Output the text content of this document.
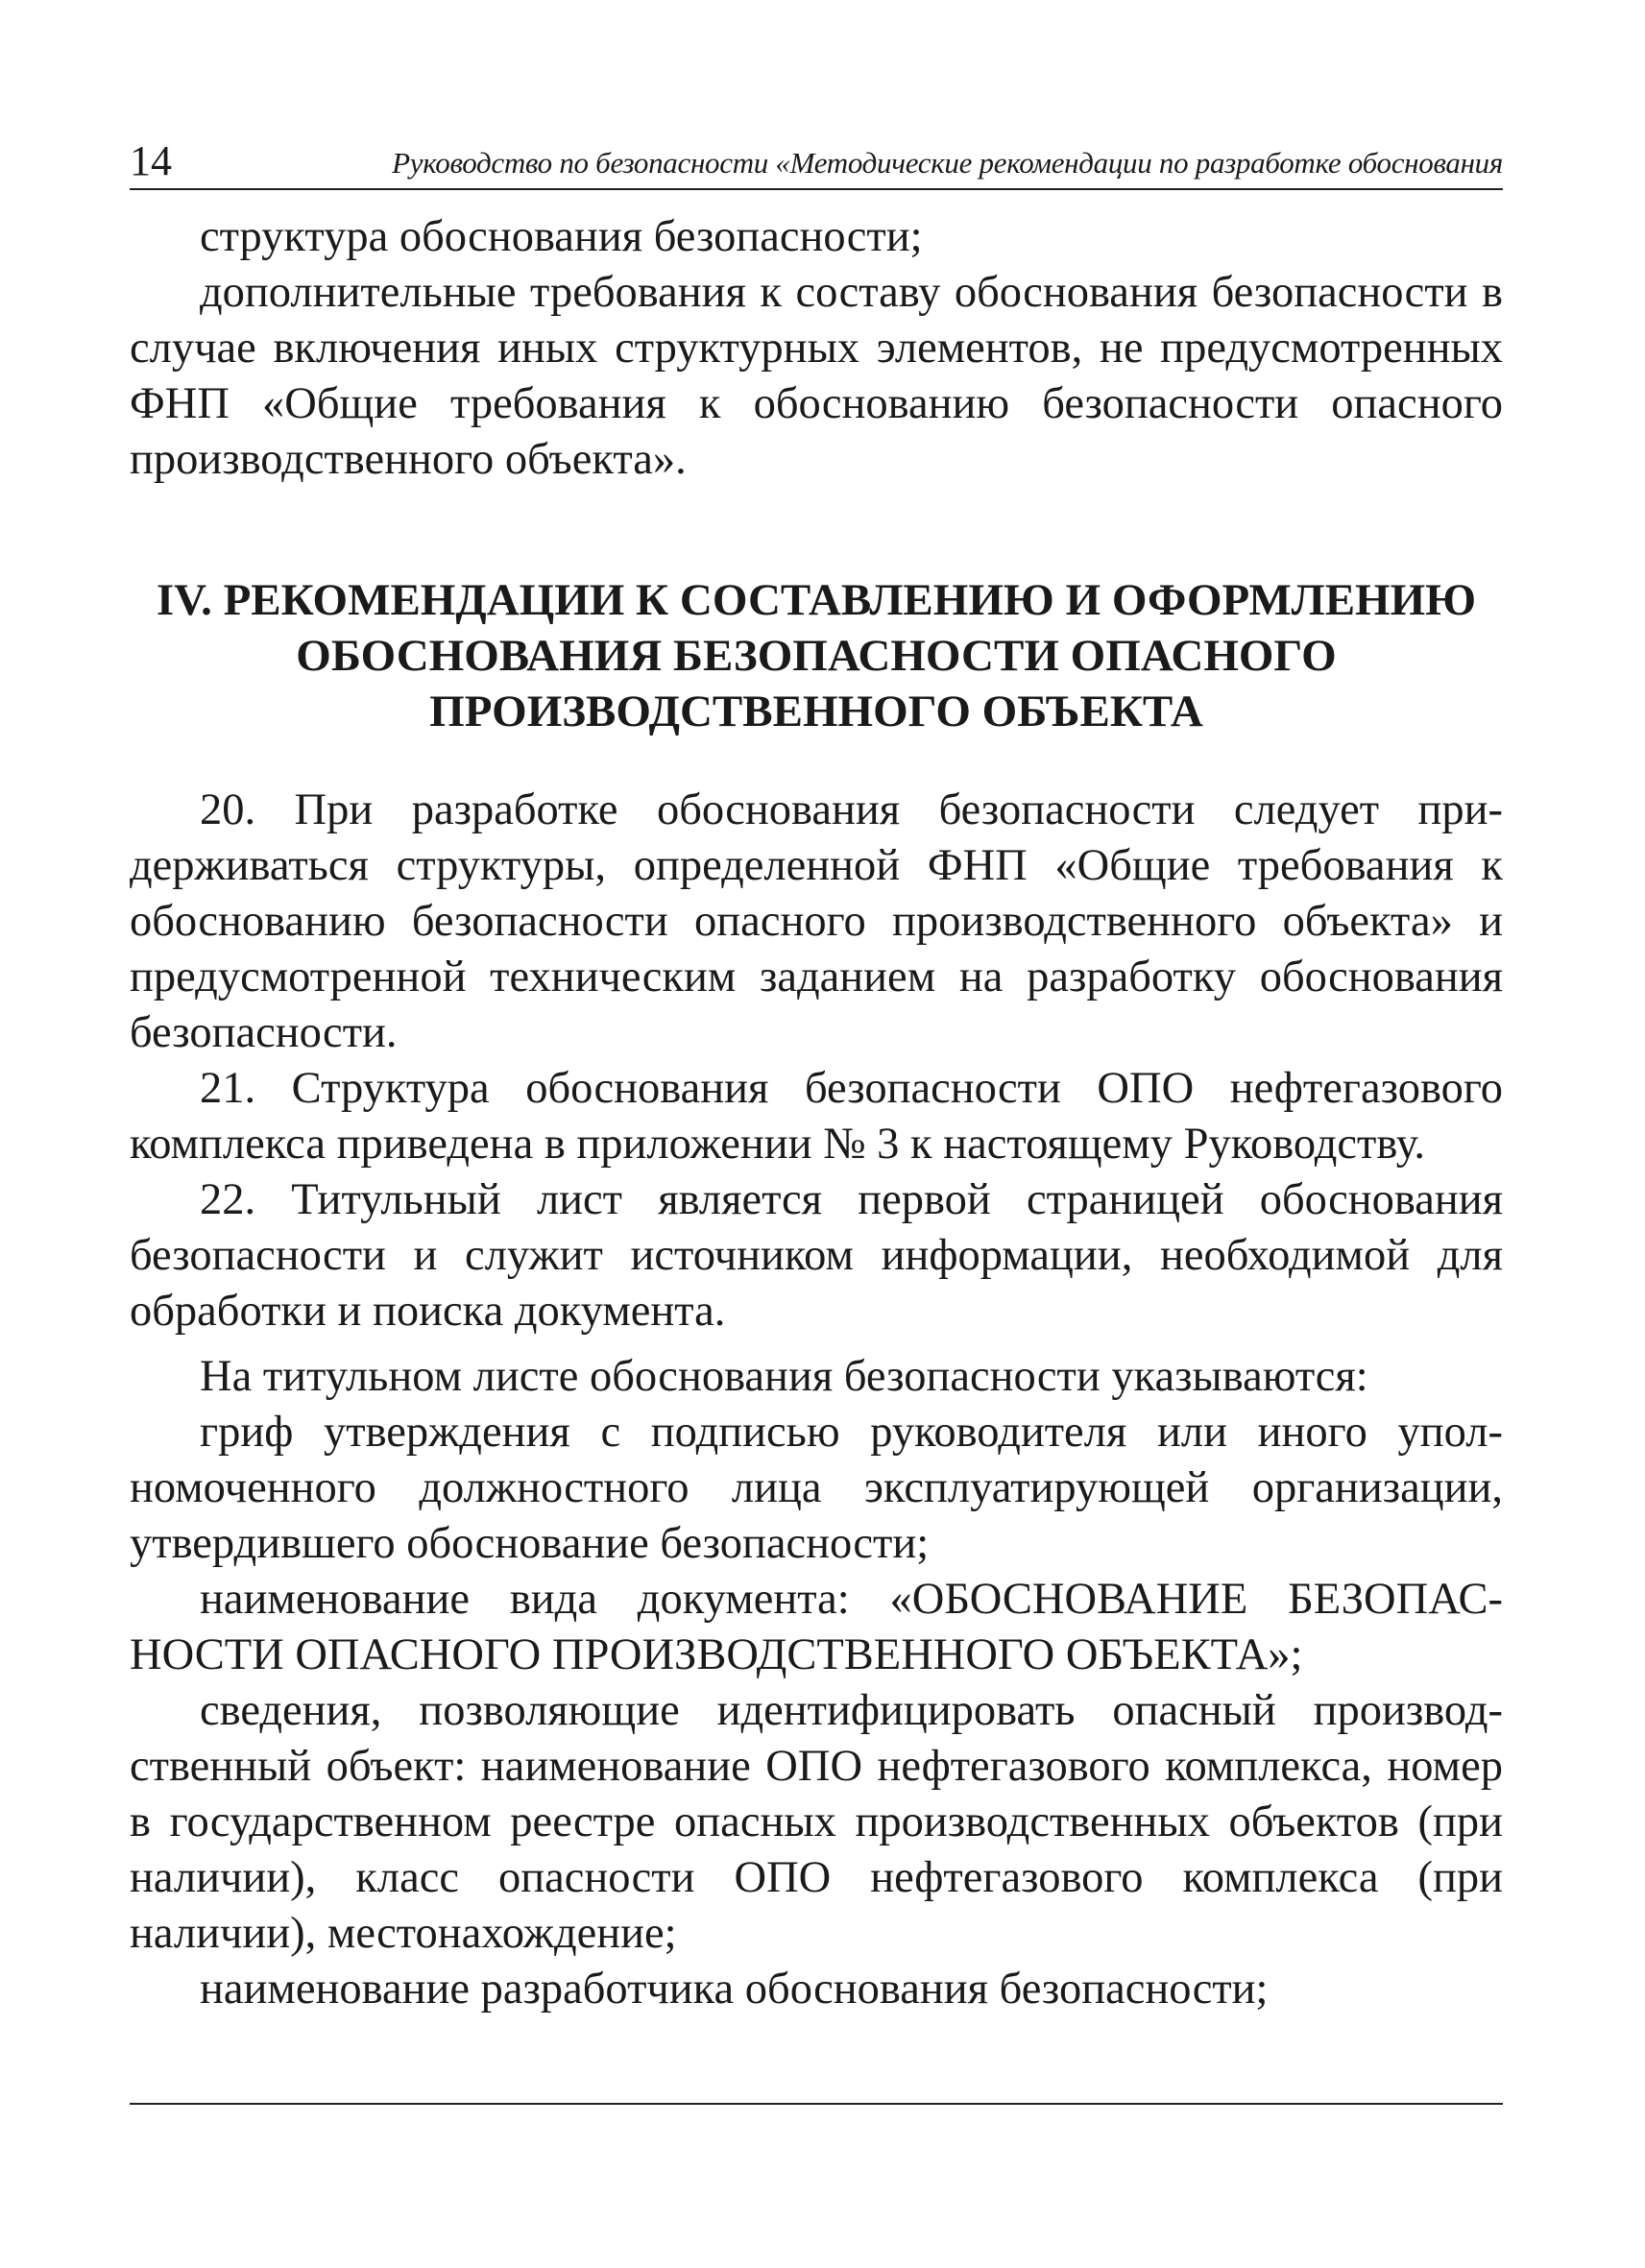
14	Руководство по безопасности «Методические рекомендации по разработке обоснования

структура обоснования безопасности;

дополнительные требования к составу обоснования безопасности в случае включения иных структурных элементов, не предусмотренных ФНП «Общие требования к обоснованию безопасности опасного производственного объекта».

IV. РЕКОМЕНДАЦИИ К СОСТАВЛЕНИЮ И ОФОРМЛЕНИЮ
ОБОСНОВАНИЯ БЕЗОПАСНОСТИ ОПАСНОГО
ПРОИЗВОДСТВЕННОГО ОБЪЕКТА

20. При разработке обоснования безопасности следует придерживаться структуры, определенной ФНП «Общие требования к обоснованию безопасности опасного производственного объекта» и предусмотренной техническим заданием на разработку обоснования безопасности.

21. Структура обоснования безопасности ОПО нефтегазового комплекса приведена в приложении № 3 к настоящему Руководству.

22. Титульный лист является первой страницей обоснования безопасности и служит источником информации, необходимой для обработки и поиска документа.

На титульном листе обоснования безопасности указываются:

гриф утверждения с подписью руководителя или иного уполномоченного должностного лица эксплуатирующей организации, утвердившего обоснование безопасности;

наименование вида документа: «ОБОСНОВАНИЕ БЕЗОПАСНОСТИ ОПАСНОГО ПРОИЗВОДСТВЕННОГО ОБЪЕКТА»;

сведения, позволяющие идентифицировать опасный производственный объект: наименование ОПО нефтегазового комплекса, номер в государственном реестре опасных производственных объектов (при наличии), класс опасности ОПО нефтегазового комплекса (при наличии), местонахождение;

наименование разработчика обоснования безопасности;
